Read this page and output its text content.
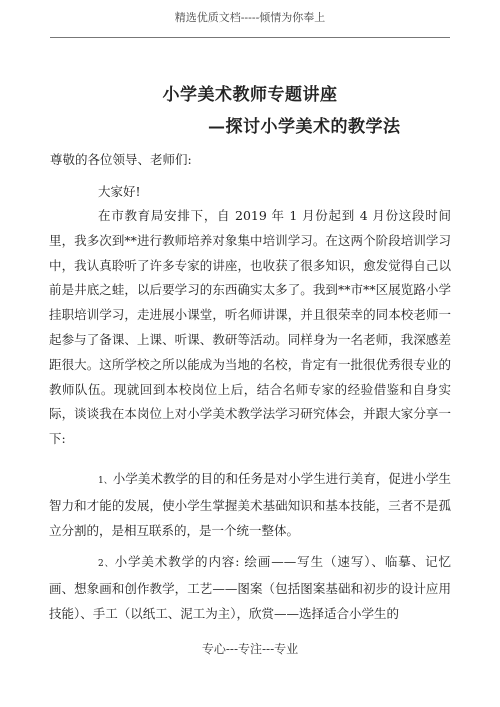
精选优质文档-----倾情为你奉上
小学美术教师专题讲座
—探讨小学美术的教学法
尊敬的各位领导、老师们:
大家好!

在市教育局安排下，自 2019 年 1 月份起到 4 月份这段时间里，我多次到**进行教师培养对象集中培训学习。在这两个阶段培训学习中，我认真聆听了许多专家的讲座，也收获了很多知识，愈发觉得自己以前是井底之蛙，以后要学习的东西确实太多了。我到**市**区展览路小学挂职培训学习，走进展小课堂，听名师讲课，并且很荣幸的同本校老师一起参与了备课、上课、听课、教研等活动。同样身为一名老师，我深感差距很大。这所学校之所以能成为当地的名校，肯定有一批很优秀很专业的教师队伍。现就回到本校岗位上后，结合名师专家的经验借鉴和自身实际，谈谈我在本岗位上对小学美术教学法学习研究体会，并跟大家分享一下:

1、小学美术教学的目的和任务是对小学生进行美育，促进小学生智力和才能的发展，使小学生掌握美术基础知识和基本技能，三者不是孤立分割的，是相互联系的，是一个统一整体。

2、小学美术教学的内容: 绘画——写生（速写）、临摹、记忆画、想象画和创作教学，工艺——图案（包括图案基础和初步的设计应用技能）、手工（以纸工、泥工为主），欣赏——选择适合小学生的

专心---专注---专业
